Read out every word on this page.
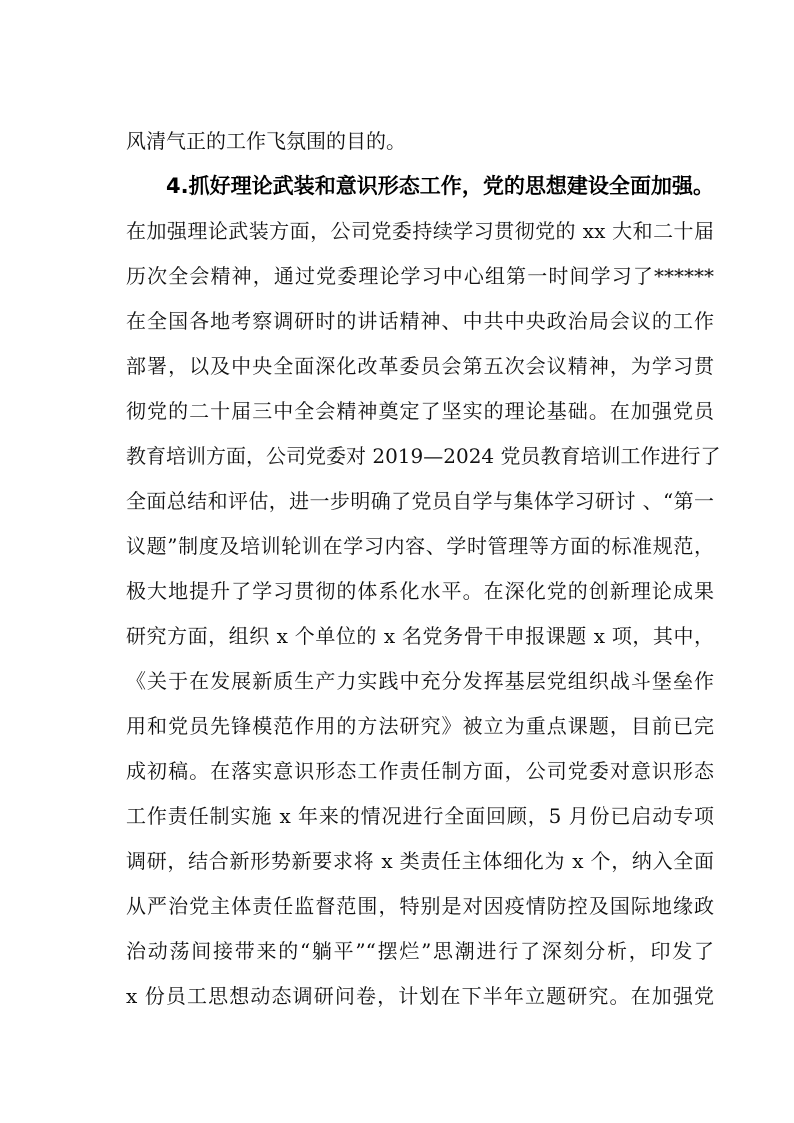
风清气正的工作飞氛围的目的。
4.抓好理论武装和意识形态工作，党的思想建设全面加强。
在加强理论武装方面，公司党委持续学习贯彻党的 xx 大和二十届
历次全会精神，通过党委理论学习中心组第一时间学习了******
在全国各地考察调研时的讲话精神、中共中央政治局会议的工作
部署，以及中央全面深化改革委员会第五次会议精神，为学习贯
彻党的二十届三中全会精神奠定了坚实的理论基础。在加强党员
教育培训方面，公司党委对 2019—2024 党员教育培训工作进行了
全面总结和评估，进一步明确了党员自学与集体学习研讨 、“第一
议题”制度及培训轮训在学习内容、学时管理等方面的标准规范，
极大地提升了学习贯彻的体系化水平。在深化党的创新理论成果
研究方面，组织 x 个单位的 x 名党务骨干申报课题 x 项，其中，
《关于在发展新质生产力实践中充分发挥基层党组织战斗堡垒作
用和党员先锋模范作用的方法研究》被立为重点课题，目前已完
成初稿。在落实意识形态工作责任制方面，公司党委对意识形态
工作责任制实施 x 年来的情况进行全面回顾，5 月份已启动专项
调研，结合新形势新要求将 x 类责任主体细化为 x 个，纳入全面
从严治党主体责任监督范围，特别是对因疫情防控及国际地缘政
治动荡间接带来的“躺平”“摆烂”思潮进行了深刻分析，印发了
x 份员工思想动态调研问卷，计划在下半年立题研究。在加强党
